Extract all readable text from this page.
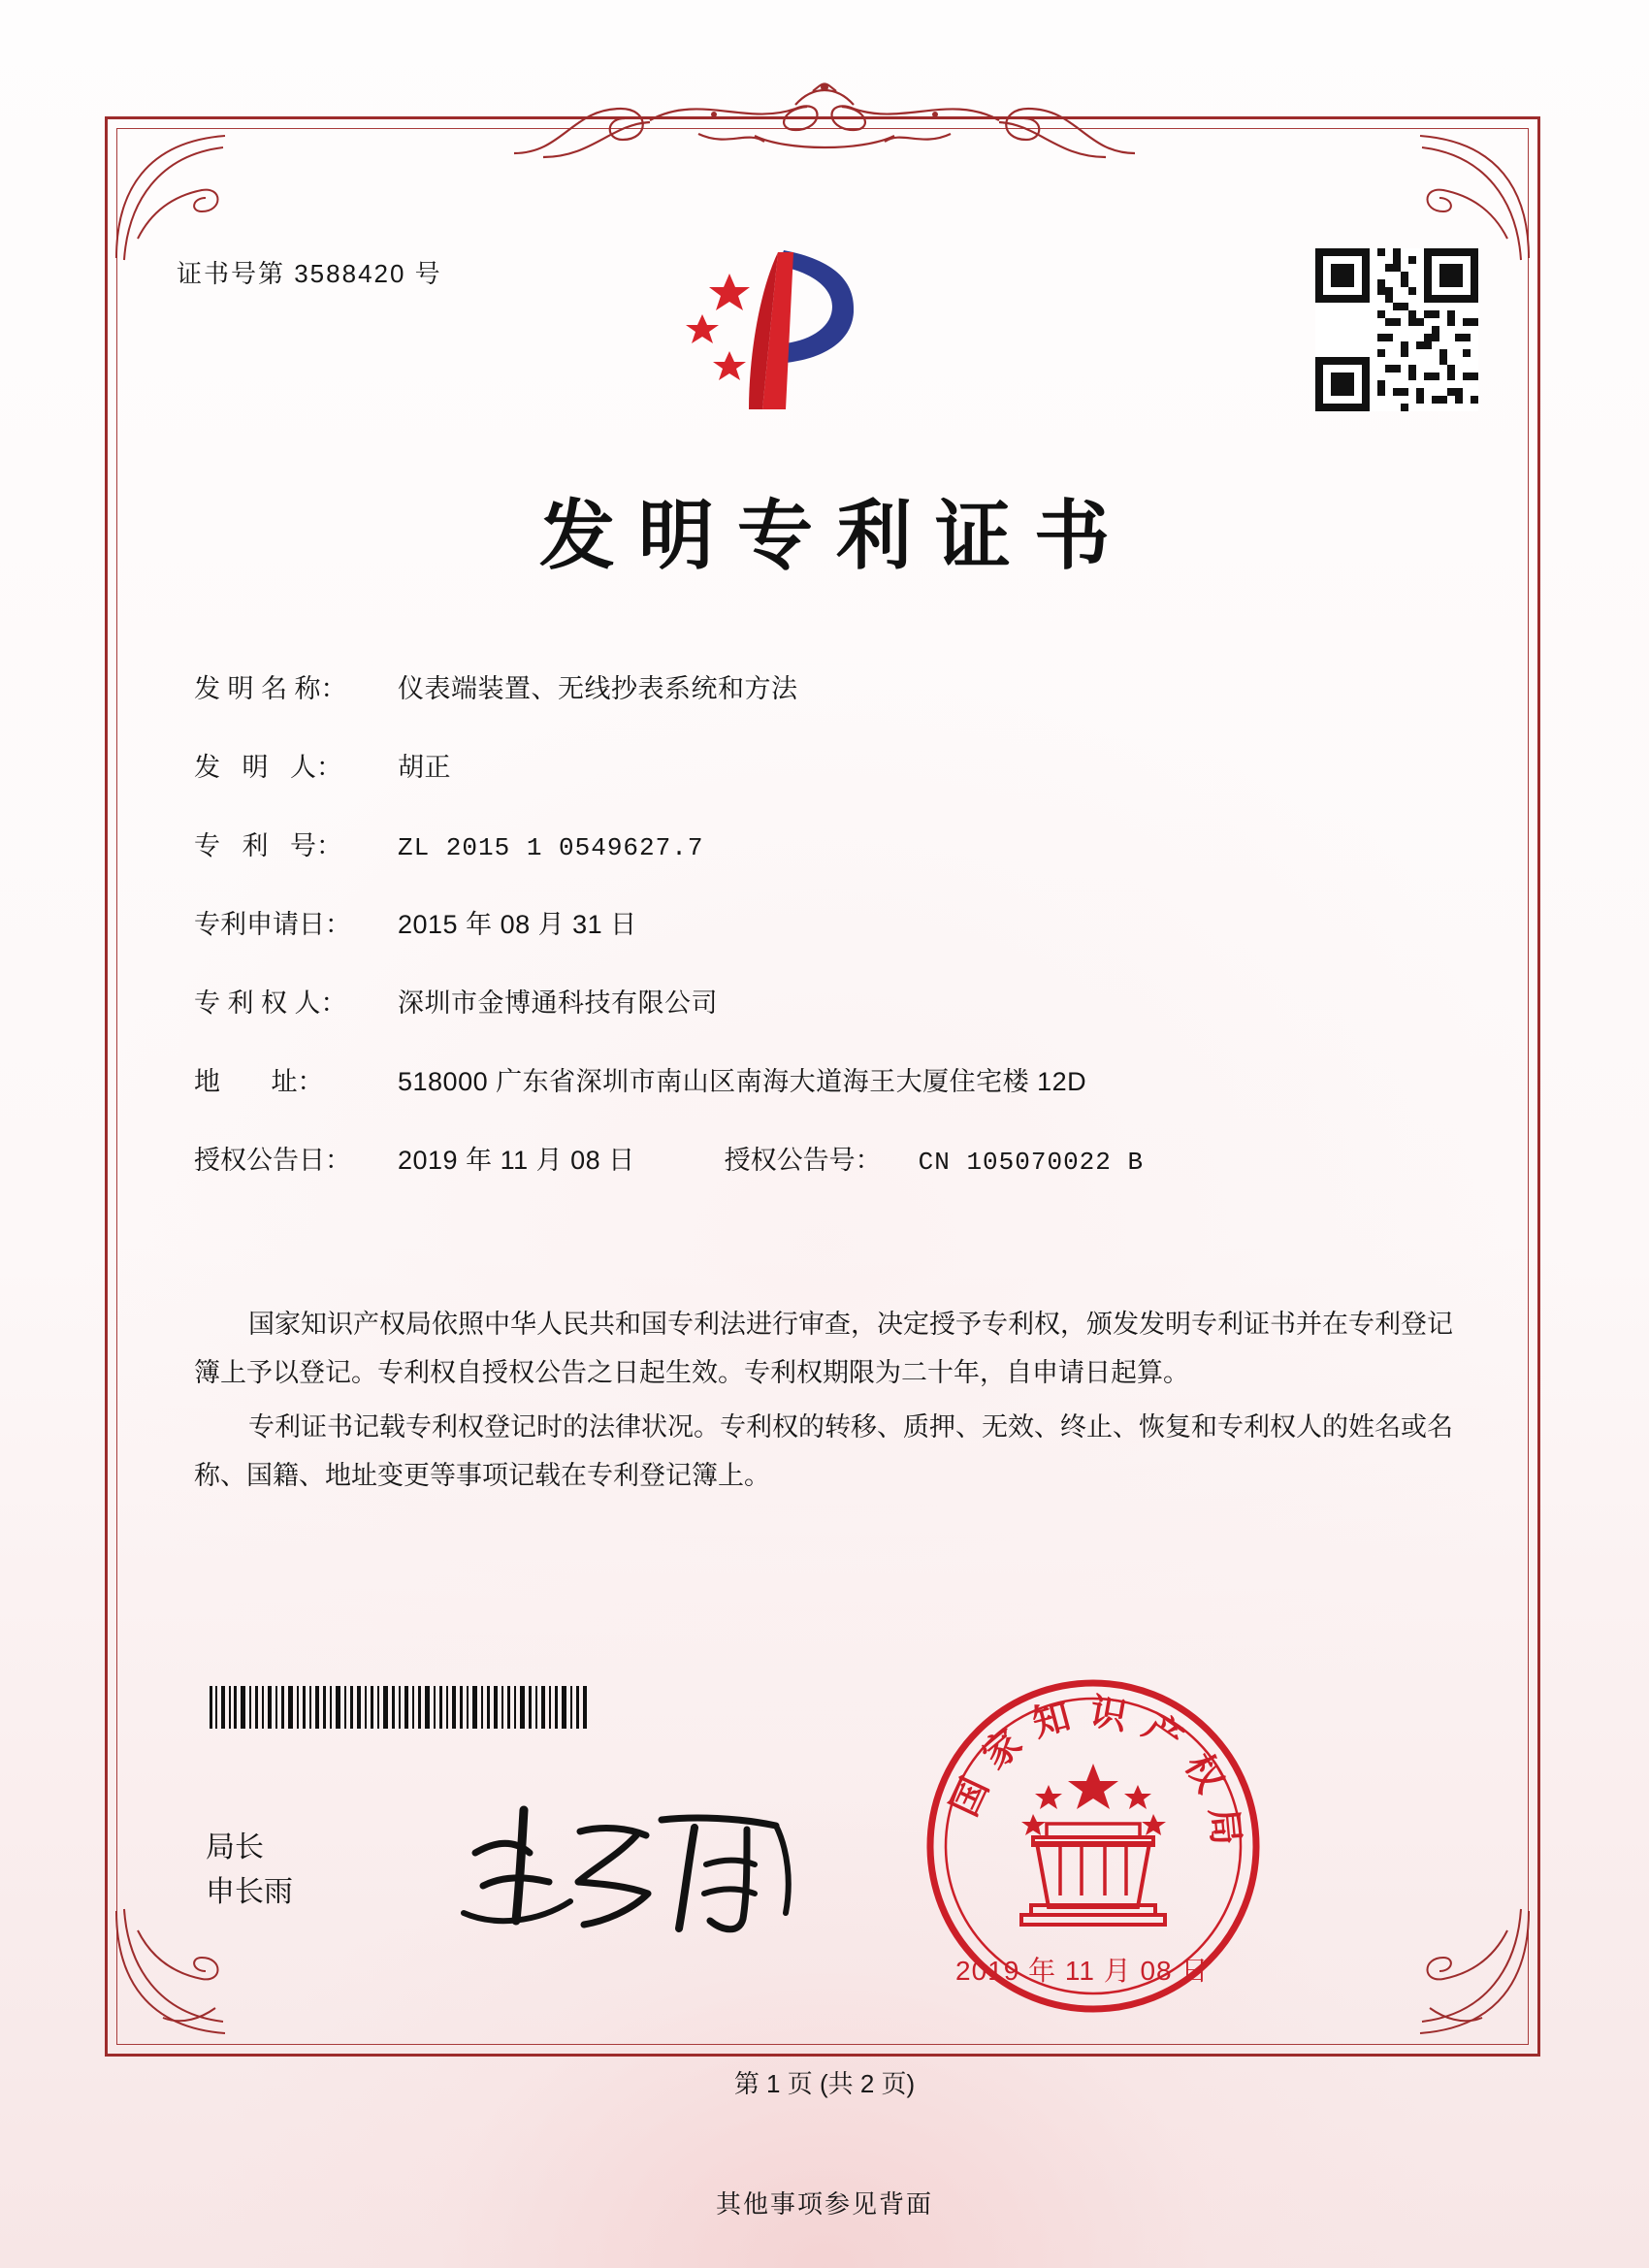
证书号第 3588420 号
发明专利证书
发 明 名 称：	仪表端装置、无线抄表系统和方法
发   明   人：	胡正
专   利   号：	ZL 2015 1 0549627.7
专利申请日：	2015 年 08 月 31 日
专 利 权 人：	深圳市金博通科技有限公司
地       址：	518000 广东省深圳市南山区南海大道海王大厦住宅楼 12D
授权公告日：	2019 年 11 月 08 日	授权公告号：	CN 105070022 B

国家知识产权局依照中华人民共和国专利法进行审查，决定授予专利权，颁发发明专利证书并在专利登记簿上予以登记。专利权自授权公告之日起生效。专利权期限为二十年，自申请日起算。

专利证书记载专利权登记时的法律状况。专利权的转移、质押、无效、终止、恢复和专利权人的姓名或名称、国籍、地址变更等事项记载在专利登记簿上。

局长
申长雨
国家知识产权局
2019 年 11 月 08 日
第 1 页 (共 2 页)
其他事项参见背面
